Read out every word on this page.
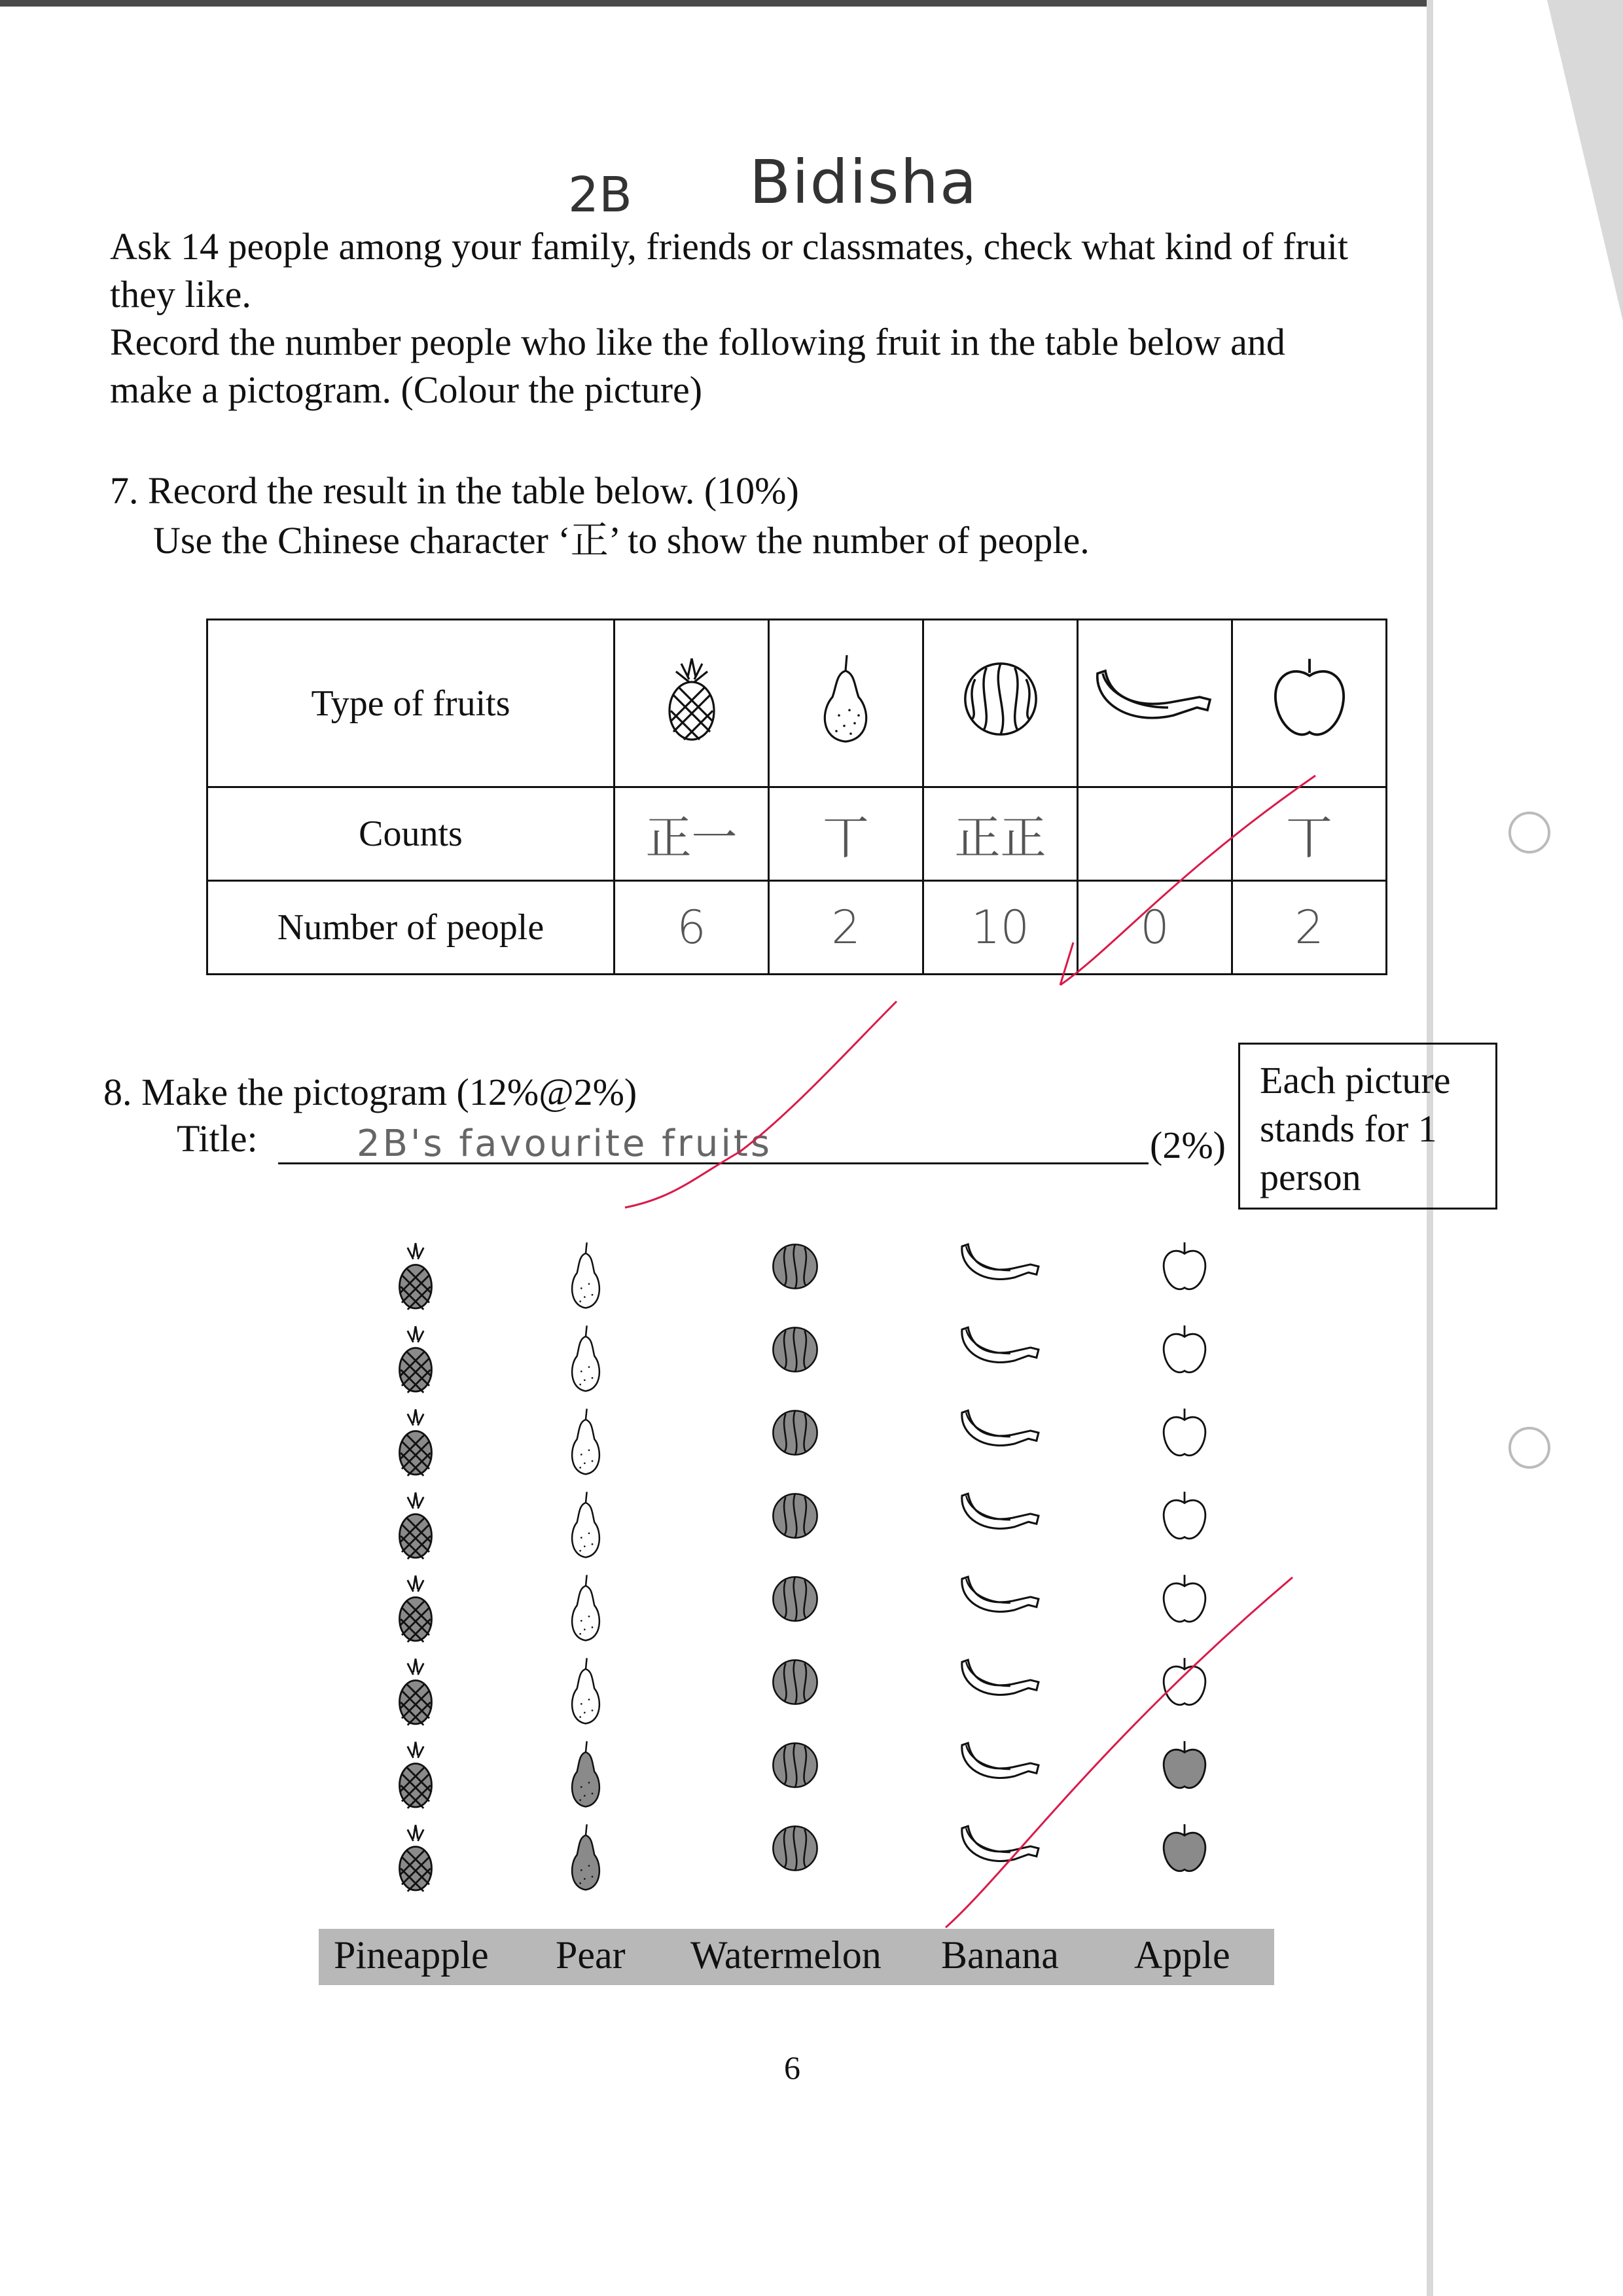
2B Bidisha
Ask 14 people among your family, friends or classmates, check what kind of fruit
they like.
Record the number people who like the following fruit in the table below and
make a pictogram. (Colour the picture)
7. Record the result in the table below. (10%)
Use the Chinese character ‘正’ to show the number of people.
Type of fruits					
Counts	正一	丅	正正		丅
Number of people	6	2	10	0	2
8. Make the pictogram (12%@2%)
Title:	2B's favourite fruits	(2%)
Each picture
stands for 1
person
Pineapple Pear Watermelon Banana Apple
6
